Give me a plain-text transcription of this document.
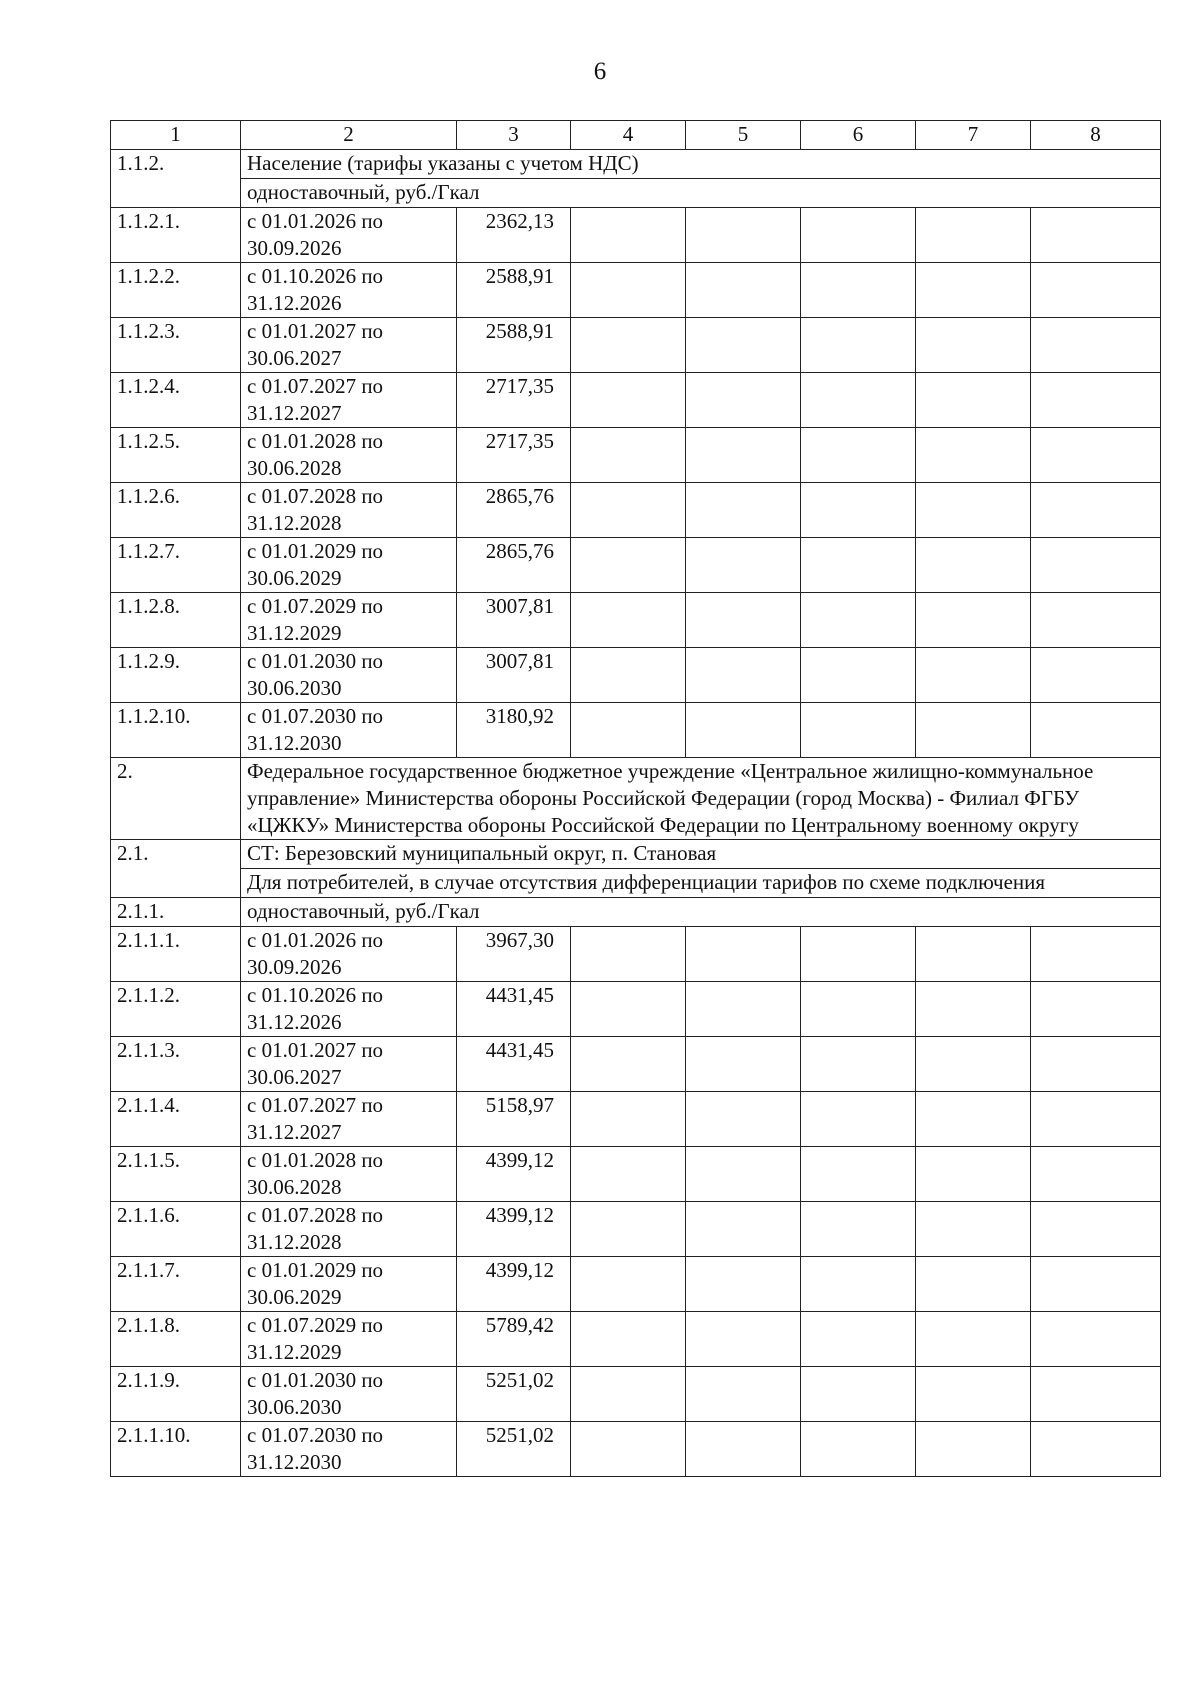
6
1	2	3	4	5	6	7	8
1.1.2.	Население (тарифы указаны с учетом НДС)						
	одноставочный, руб./Гкал						
1.1.2.1.	с 01.01.2026 по 30.09.2026	2362,13					
1.1.2.2.	с 01.10.2026 по 31.12.2026	2588,91					
1.1.2.3.	с 01.01.2027 по 30.06.2027	2588,91					
1.1.2.4.	с 01.07.2027 по 31.12.2027	2717,35					
1.1.2.5.	с 01.01.2028 по 30.06.2028	2717,35					
1.1.2.6.	с 01.07.2028 по 31.12.2028	2865,76					
1.1.2.7.	с 01.01.2029 по 30.06.2029	2865,76					
1.1.2.8.	с 01.07.2029 по 31.12.2029	3007,81					
1.1.2.9.	с 01.01.2030 по 30.06.2030	3007,81					
1.1.2.10.	с 01.07.2030 по 31.12.2030	3180,92					
2.	Федеральное государственное бюджетное учреждение «Центральное жилищно-коммунальное управление» Министерства обороны Российской Федерации (город Москва) - Филиал ФГБУ «ЦЖКУ» Министерства обороны Российской Федерации по Центральному военному округу						
2.1.	СТ: Березовский муниципальный округ, п. Становая						
	Для потребителей, в случае отсутствия дифференциации тарифов по схеме подключения						
2.1.1.	одноставочный, руб./Гкал						
2.1.1.1.	с 01.01.2026 по 30.09.2026	3967,30					
2.1.1.2.	с 01.10.2026 по 31.12.2026	4431,45					
2.1.1.3.	с 01.01.2027 по 30.06.2027	4431,45					
2.1.1.4.	с 01.07.2027 по 31.12.2027	5158,97					
2.1.1.5.	с 01.01.2028 по 30.06.2028	4399,12					
2.1.1.6.	с 01.07.2028 по 31.12.2028	4399,12					
2.1.1.7.	с 01.01.2029 по 30.06.2029	4399,12					
2.1.1.8.	с 01.07.2029 по 31.12.2029	5789,42					
2.1.1.9.	с 01.01.2030 по 30.06.2030	5251,02					
2.1.1.10.	с 01.07.2030 по 31.12.2030	5251,02					
